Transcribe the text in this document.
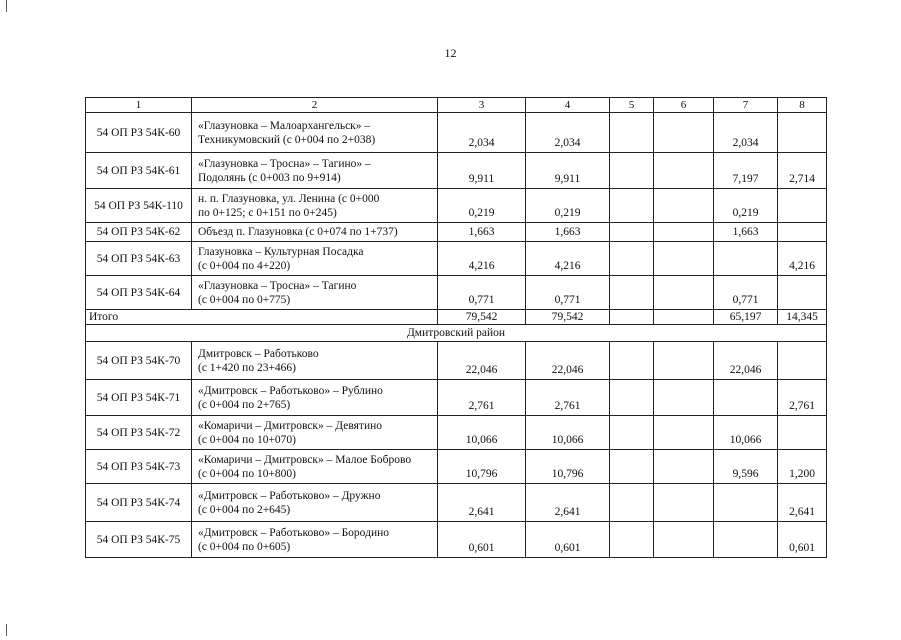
12
1	2	3	4	5	6	7	8
54 ОП РЗ 54К-60	«Глазуновка – Малоархангельск» –
Техникумовский (с 0+004 по 2+038)	2,034	2,034			2,034	
54 ОП РЗ 54К-61	«Глазуновка – Тросна» – Тагино» –
Подолянь (с 0+003 по 9+914)	9,911	9,911			7,197	2,714
54 ОП РЗ 54К-110	н. п. Глазуновка, ул. Ленина (с 0+000
по 0+125; с 0+151 по 0+245)	0,219	0,219			0,219	
54 ОП РЗ 54К-62	Объезд п. Глазуновка (с 0+074 по 1+737)	1,663	1,663			1,663	
54 ОП РЗ 54К-63	Глазуновка – Культурная Посадка
(с 0+004 по 4+220)	4,216	4,216				4,216
54 ОП РЗ 54К-64	«Глазуновка – Тросна» – Тагино
(с 0+004 по 0+775)	0,771	0,771			0,771	
Итого		79,542	79,542			65,197	14,345
Дмитровский район							
54 ОП РЗ 54К-70	Дмитровск – Работьково
(с 1+420 по 23+466)	22,046	22,046			22,046	
54 ОП РЗ 54К-71	«Дмитровск – Работьково» – Рублино
(с 0+004 по 2+765)	2,761	2,761				2,761
54 ОП РЗ 54К-72	«Комаричи – Дмитровск» – Девятино
(с 0+004 по 10+070)	10,066	10,066			10,066	
54 ОП РЗ 54К-73	«Комаричи – Дмитровск» – Малое Боброво
(с 0+004 по 10+800)	10,796	10,796			9,596	1,200
54 ОП РЗ 54К-74	«Дмитровск – Работьково» – Дружно
(с 0+004 по 2+645)	2,641	2,641				2,641
54 ОП РЗ 54К-75	«Дмитровск – Работьково» – Бородино
(с 0+004 по 0+605)	0,601	0,601				0,601
